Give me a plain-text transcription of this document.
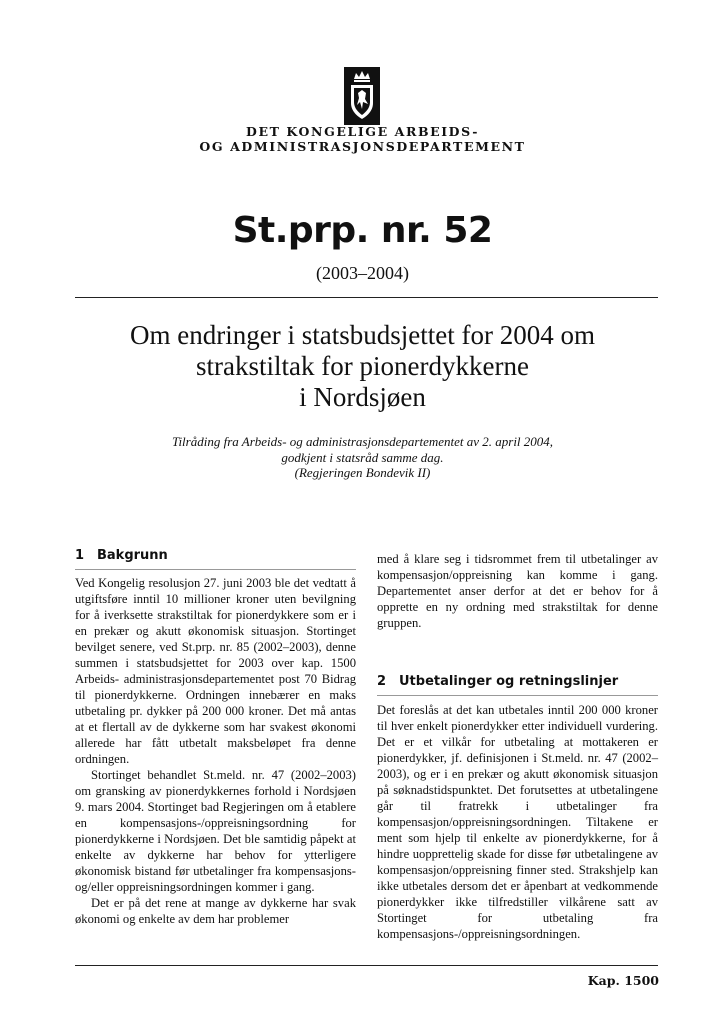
DET KONGELIGE ARBEIDS-
OG ADMINISTRASJONSDEPARTEMENT
St.prp. nr. 52
(2003–2004)
Om endringer i statsbudsjettet for 2004 om
strakstiltak for pionerdykkerne
i Nordsjøen
Tilråding fra Arbeids- og administrasjonsdepartementet av 2. april 2004,
godkjent i statsråd samme dag.
(Regjeringen Bondevik II)
1 Bakgrunn

Ved Kongelig resolusjon 27. juni 2003 ble det vedtatt å utgiftsføre inntil 10 millioner kroner uten bevilgning for å iverksette strakstiltak for pionerdykkere som er i en prekær og akutt økonomisk situasjon. Stortinget bevilget senere, ved St.prp. nr. 85 (2002–2003), denne summen i statsbudsjettet for 2003 over kap. 1500 Arbeids- administrasjonsdepartementet post 70 Bidrag til pionerdykkerne. Ordningen innebærer en maks utbetaling pr. dykker på 200 000 kroner. Det må antas at et flertall av de dykkerne som har svakest økonomi allerede har fått utbetalt maksbeløpet fra denne ordningen.

Stortinget behandlet St.meld. nr. 47 (2002–2003) om gransking av pionerdykkernes forhold i Nordsjøen 9. mars 2004. Stortinget bad Regjeringen om å etablere en kompensasjons-/oppreisningsordning for pionerdykkerne i Nordsjøen. Det ble samtidig påpekt at enkelte av dykkerne har behov for ytterligere økonomisk bistand før utbetalinger fra kompensasjons- og/eller oppreisningsordningen kommer i gang.

Det er på det rene at mange av dykkerne har svak økonomi og enkelte av dem har problemer

med å klare seg i tidsrommet frem til utbetalinger av kompensasjon/oppreisning kan komme i gang. Departementet anser derfor at det er behov for å opprette en ny ordning med strakstiltak for denne gruppen.

2 Utbetalinger og retningslinjer

Det foreslås at det kan utbetales inntil 200 000 kroner til hver enkelt pionerdykker etter individuell vurdering. Det er et vilkår for utbetaling at mottakeren er pionerdykker, jf. definisjonen i St.meld. nr. 47 (2002–2003), og er i en prekær og akutt økonomisk situasjon på søknadstidspunktet. Det forutsettes at utbetalingene går til fratrekk i utbetalinger fra kompensasjon/oppreisningsordningen. Tiltakene er ment som hjelp til enkelte av pionerdykkerne, for å hindre uopprettelig skade for disse før utbetalingene av kompensasjon/oppreisning finner sted. Strakshjelp kan ikke utbetales dersom det er åpenbart at vedkommende pionerdykker ikke tilfredstiller vilkårene satt av Stortinget for utbetaling fra kompensasjons-/oppreisningsordningen.

Kap. 1500
